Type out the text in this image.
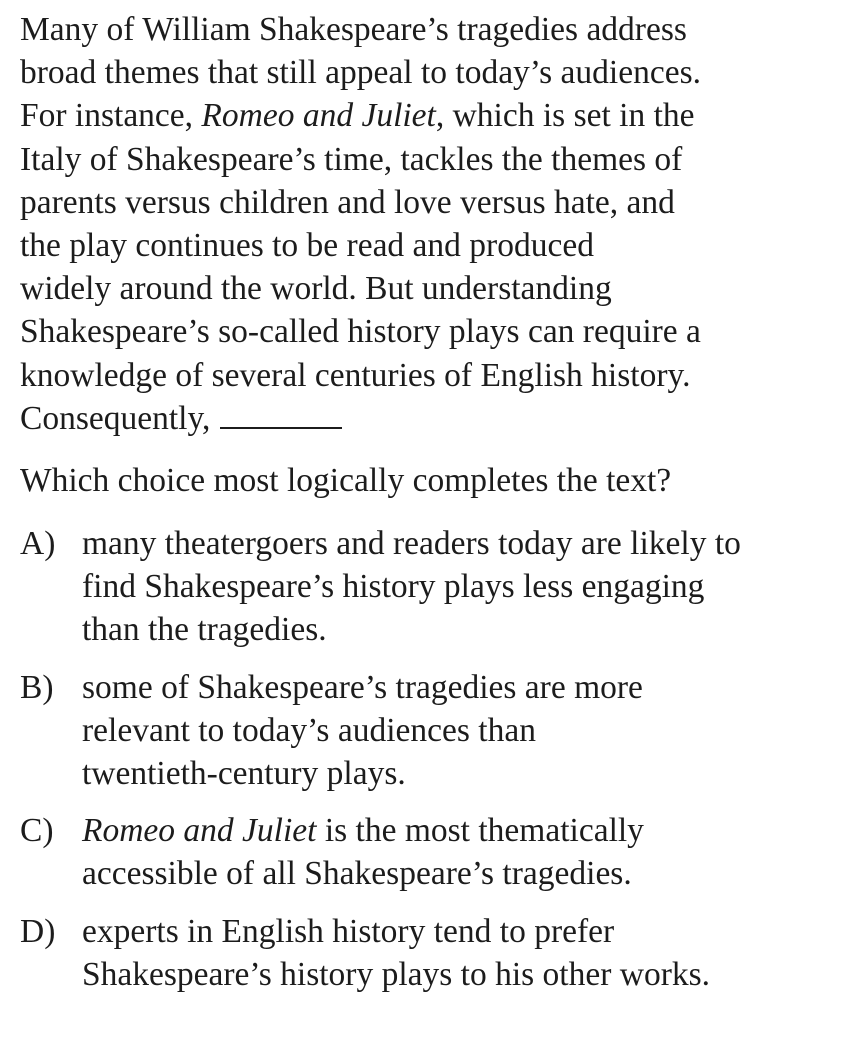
Many of William Shakespeare’s tragedies address
broad themes that still appeal to today’s audiences.
For instance, Romeo and Juliet, which is set in the
Italy of Shakespeare’s time, tackles the themes of
parents versus children and love versus hate, and
the play continues to be read and produced
widely around the world. But understanding
Shakespeare’s so-called history plays can require a
knowledge of several centuries of English history.
Consequently,
Which choice most logically completes the text?
A) many theatergoers and readers today are likely to
find Shakespeare’s history plays less engaging
than the tragedies.
B) some of Shakespeare’s tragedies are more
relevant to today’s audiences than
twentieth-century plays.
C) Romeo and Juliet is the most thematically
accessible of all Shakespeare’s tragedies.
D) experts in English history tend to prefer
Shakespeare’s history plays to his other works.
